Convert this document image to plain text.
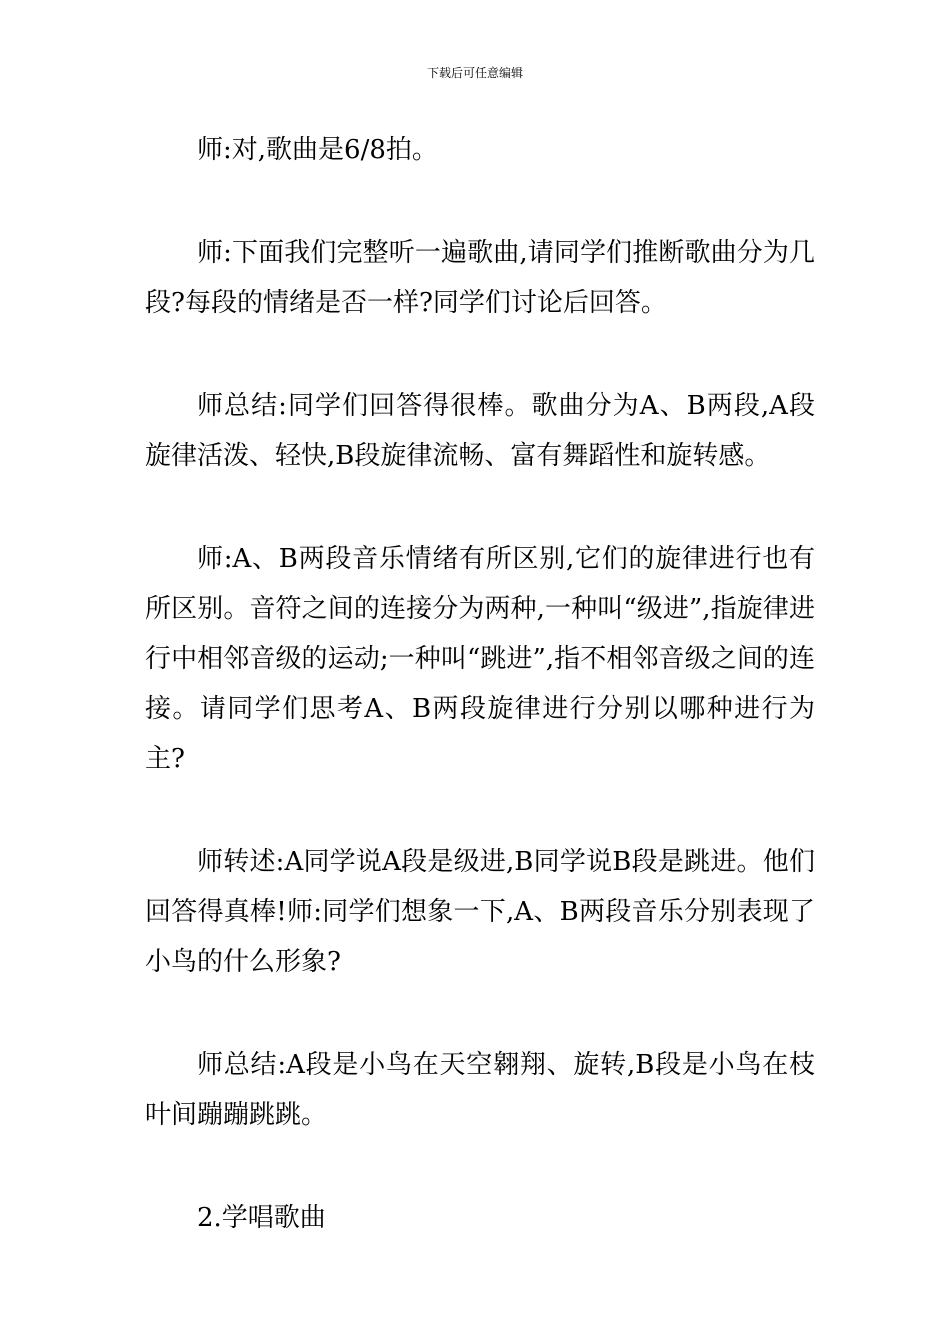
下载后可任意编辑

师:对,歌曲是6/8拍。

师:下面我们完整听一遍歌曲,请同学们推断歌曲分为几段?每段的情绪是否一样?同学们讨论后回答。

师总结:同学们回答得很棒。歌曲分为A、B两段,A段旋律活泼、轻快,B段旋律流畅、富有舞蹈性和旋转感。

师:A、B两段音乐情绪有所区别,它们的旋律进行也有所区别。音符之间的连接分为两种,一种叫“级进”,指旋律进行中相邻音级的运动;一种叫“跳进”,指不相邻音级之间的连接。请同学们思考A、B两段旋律进行分别以哪种进行为主?

师转述:A同学说A段是级进,B同学说B段是跳进。他们回答得真棒!师:同学们想象一下,A、B两段音乐分别表现了小鸟的什么形象?

师总结:A段是小鸟在天空翱翔、旋转,B段是小鸟在枝叶间蹦蹦跳跳。

2.学唱歌曲
